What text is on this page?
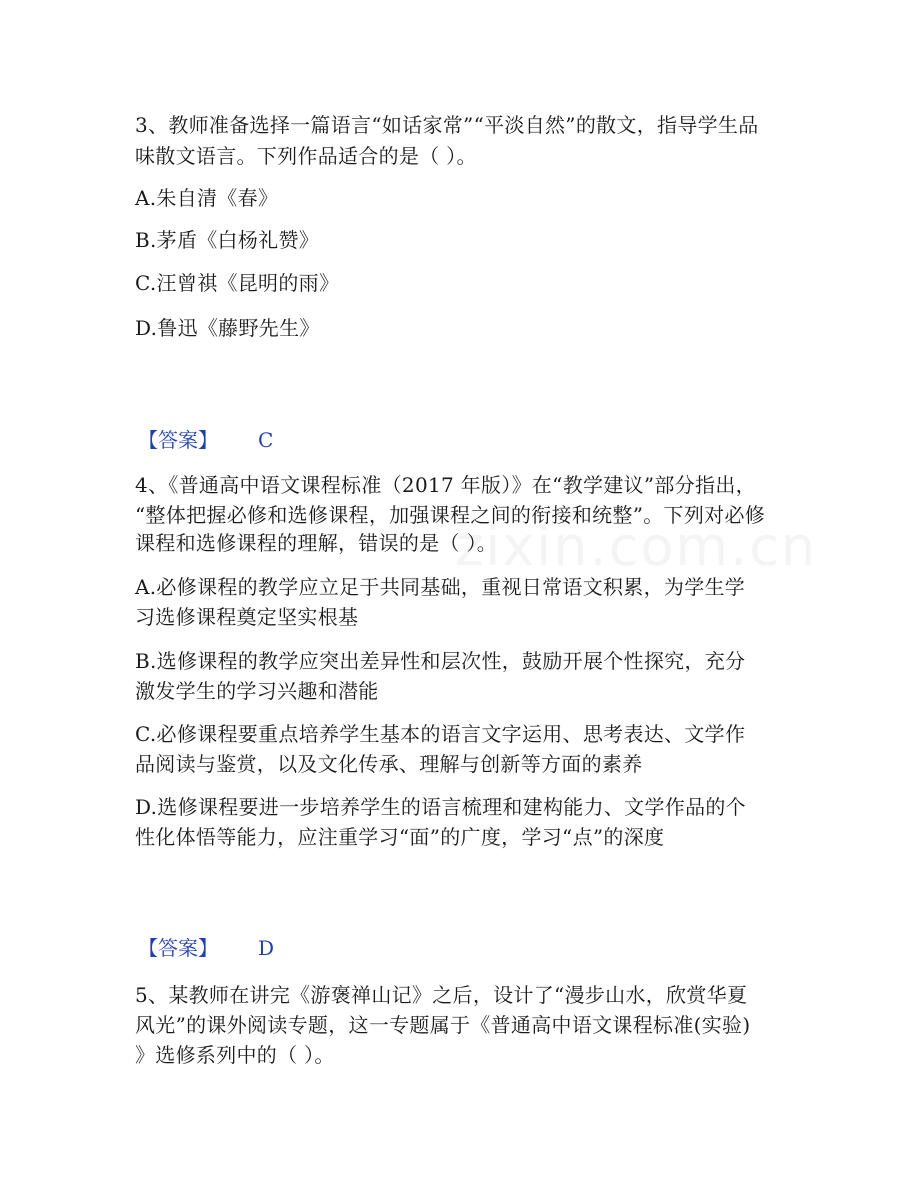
zixin.com.cn
3、教师准备选择一篇语言“如话家常”“平淡自然”的散文，指导学生品
味散文语言。下列作品适合的是（ ）。
A.朱自清《春》
B.茅盾《白杨礼赞》
C.汪曾祺《昆明的雨》
D.鲁迅《藤野先生》
【答案】 C
4、《普通高中语文课程标准（2017 年版）》在“教学建议”部分指出，
“整体把握必修和选修课程，加强课程之间的衔接和统整”。下列对必修
课程和选修课程的理解，错误的是（ ）。
A.必修课程的教学应立足于共同基础，重视日常语文积累，为学生学
习选修课程奠定坚实根基
B.选修课程的教学应突出差异性和层次性，鼓励开展个性探究，充分
激发学生的学习兴趣和潜能
C.必修课程要重点培养学生基本的语言文字运用、思考表达、文学作
品阅读与鉴赏，以及文化传承、理解与创新等方面的素养
D.选修课程要进一步培养学生的语言梳理和建构能力、文学作品的个
性化体悟等能力，应注重学习“面”的广度，学习“点”的深度
【答案】 D
5、某教师在讲完《游褒禅山记》之后，设计了“漫步山水，欣赏华夏
风光”的课外阅读专题，这一专题属于《普通高中语文课程标准(实验)
》选修系列中的（ ）。
